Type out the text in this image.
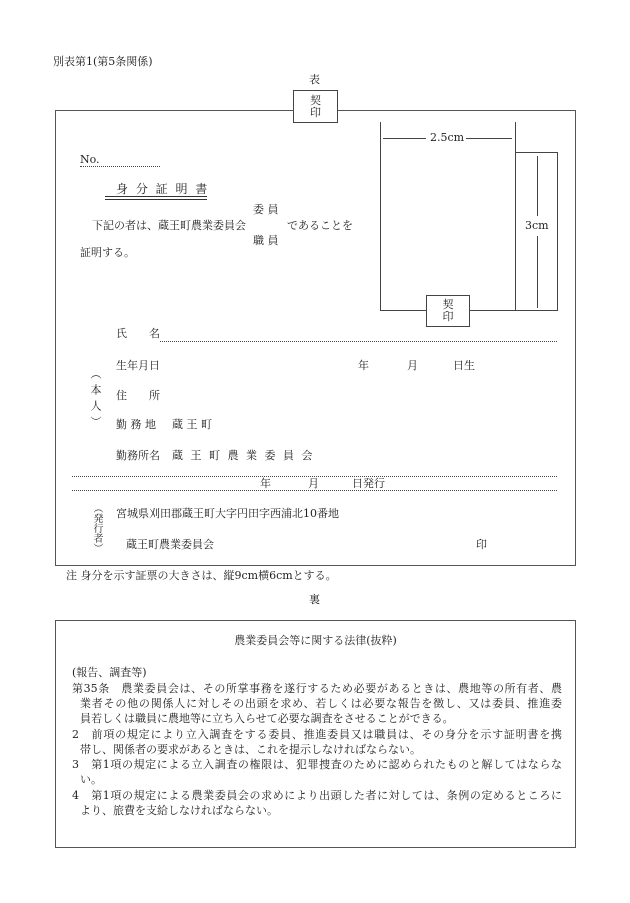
別表第1(第5条関係)
表
契
印
2.5cm
3cm
契
印
No.
身 分 証 明 書
委 員
下記の者は、蔵王町農業委員会	であることを
職 員
証明する。
（本人）
氏　　名
生年月日	年	月	日生
住　　所
勤 務 地 蔵 王 町
勤務所名 蔵 王 町 農 業 委 員 会
年	月	日発行
（発行者） 宮城県刈田郡蔵王町大字円田字西浦北10番地
蔵王町農業委員会	印
注 身分を示す証票の大きさは、縦9cm横6cmとする。
裏
農業委員会等に関する法律(抜粋)
(報告、調査等)
第35条　農業委員会は、その所掌事務を遂行するため必要があるときは、農地等の所有者、農
業者その他の関係人に対しその出頭を求め、若しくは必要な報告を徴し、又は委員、推進委
員若しくは職員に農地等に立ち入らせて必要な調査をさせることができる。
2　前項の規定により立入調査をする委員、推進委員又は職員は、その身分を示す証明書を携
帯し、関係者の要求があるときは、これを提示しなければならない。
3　第1項の規定による立入調査の権限は、犯罪捜査のために認められたものと解してはならな
い。
4　第1項の規定による農業委員会の求めにより出頭した者に対しては、条例の定めるところに
より、旅費を支給しなければならない。
